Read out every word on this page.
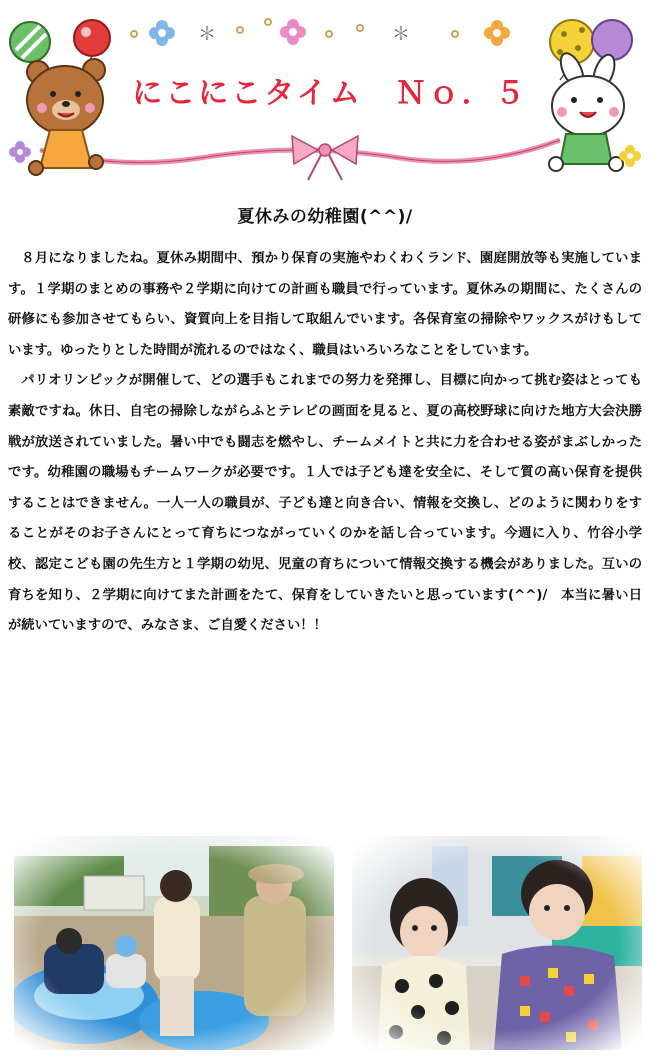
＊	＊
にこにこタイム　Ｎｏ．５
夏休みの幼稚園(^^)/

８月になりましたね。夏休み期間中、預かり保育の実施やわくわくランド、園庭開放等も実施しています。１学期のまとめの事務や２学期に向けての計画も職員で行っています。夏休みの期間に、たくさんの研修にも参加させてもらい、資質向上を目指して取組んでいます。各保育室の掃除やワックスがけもしています。ゆったりとした時間が流れるのではなく、職員はいろいろなことをしています。

パリオリンピックが開催して、どの選手もこれまでの努力を発揮し、目標に向かって挑む姿はとっても素敵ですね。休日、自宅の掃除しながらふとテレビの画面を見ると、夏の高校野球に向けた地方大会決勝戦が放送されていました。暑い中でも闘志を燃やし、チームメイトと共に力を合わせる姿がまぶしかったです。幼稚園の職場もチームワークが必要です。１人では子ども達を安全に、そして質の高い保育を提供することはできません。一人一人の職員が、子ども達と向き合い、情報を交換し、どのように関わりをすることがそのお子さんにとって育ちにつながっていくのかを話し合っています。今週に入り、竹谷小学校、認定こども園の先生方と１学期の幼児、児童の育ちについて情報交換する機会がありました。互いの育ちを知り、２学期に向けてまた計画をたて、保育をしていきたいと思っています(^^)/　本当に暑い日が続いていますので、みなさま、ご自愛ください！！
